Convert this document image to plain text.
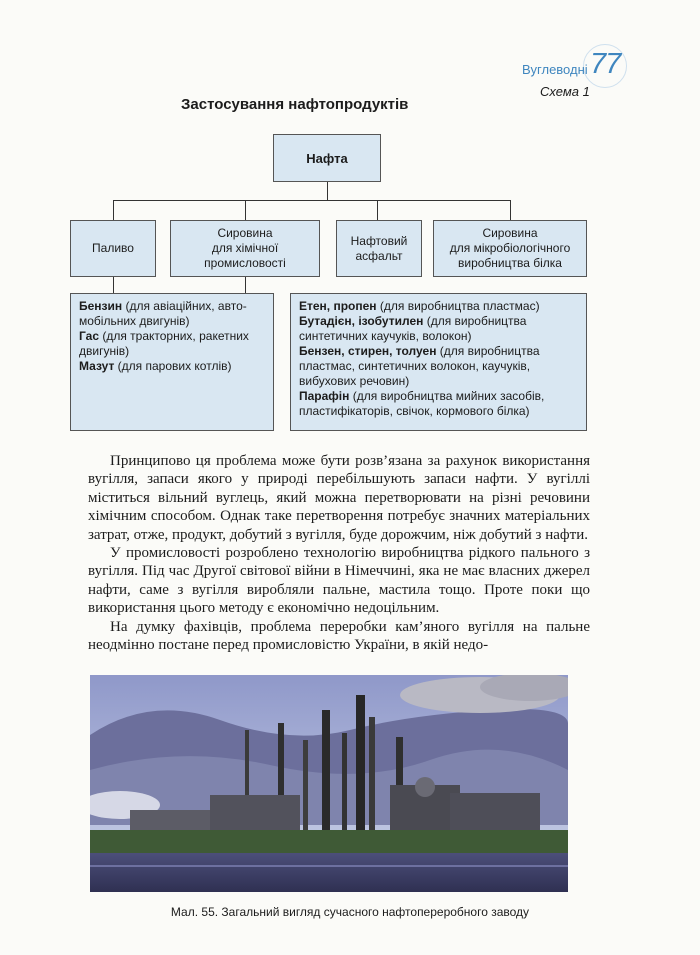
Вуглеводні 77
Схема 1
Застосування нафтопродуктів
Нафта
Паливо
Сировина
для хімічної
промисловості
Нафтовий
асфальт
Сировина
для мікробіологічного
виробництва білка
Бензин (для авіаційних, авто-
мобільних двигунів)
Гас (для тракторних, ракетних
двигунів)
Мазут (для парових котлів)
Етен, пропен (для виробництва пластмас)
Бутадієн, ізобутилен (для виробництва
синтетичних каучуків, волокон)
Бензен, стирен, толуен (для виробництва
пластмас, синтетичних волокон, каучуків,
вибухових речовин)
Парафін (для виробництва мийних засобів,
пластифікаторів, свічок, кормового білка)

Принципово ця проблема може бути розв’язана за рахунок використання вугілля, запаси якого у природі перебільшують запаси нафти. У вугіллі міститься вільний вуглець, який можна перетворювати на різні речовини хімічним способом. Однак таке перетворення потребує значних матеріальних затрат, отже, продукт, добутий з вугілля, буде дорожчим, ніж добутий з нафти.

У промисловості розроблено технологію виробництва рідкого пального з вугілля. Під час Другої світової війни в Німеччині, яка не має власних джерел нафти, саме з вугілля виробляли пальне, мастила тощо. Проте поки що використання цього методу є економічно недоцільним.

На думку фахівців, проблема переробки кам’яного вугілля на пальне неодмінно постане перед промисловістю України, в якій недо-

Мал. 55. Загальний вигляд сучасного нафтопереробного заводу
